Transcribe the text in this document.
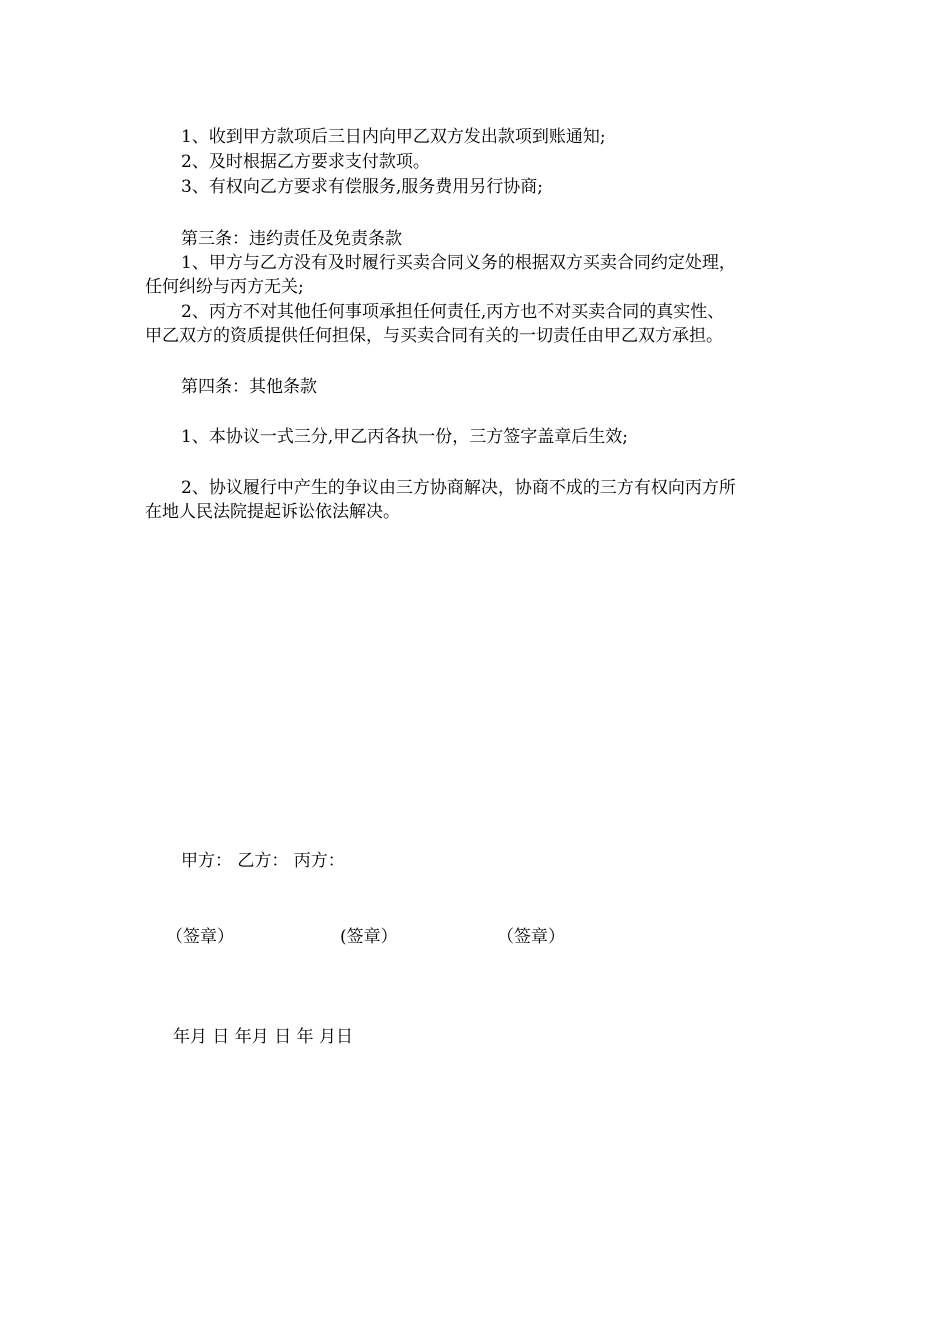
1、收到甲方款项后三日内向甲乙双方发出款项到账通知;
2、及时根据乙方要求支付款项。
3、有权向乙方要求有偿服务,服务费用另行协商;
第三条：违约责任及免责条款
1、甲方与乙方没有及时履行买卖合同义务的根据双方买卖合同约定处理，
任何纠纷与丙方无关;
2、丙方不对其他任何事项承担任何责任,丙方也不对买卖合同的真实性、
甲乙双方的资质提供任何担保，与买卖合同有关的一切责任由甲乙双方承担。
第四条：其他条款
1、本协议一式三分,甲乙丙各执一份，三方签字盖章后生效;
2、协议履行中产生的争议由三方协商解决，协商不成的三方有权向丙方所
在地人民法院提起诉讼依法解决。
甲方： 乙方： 丙方：
（签章）	(签章）	（签章）
年月 日 年月 日 年 月日
